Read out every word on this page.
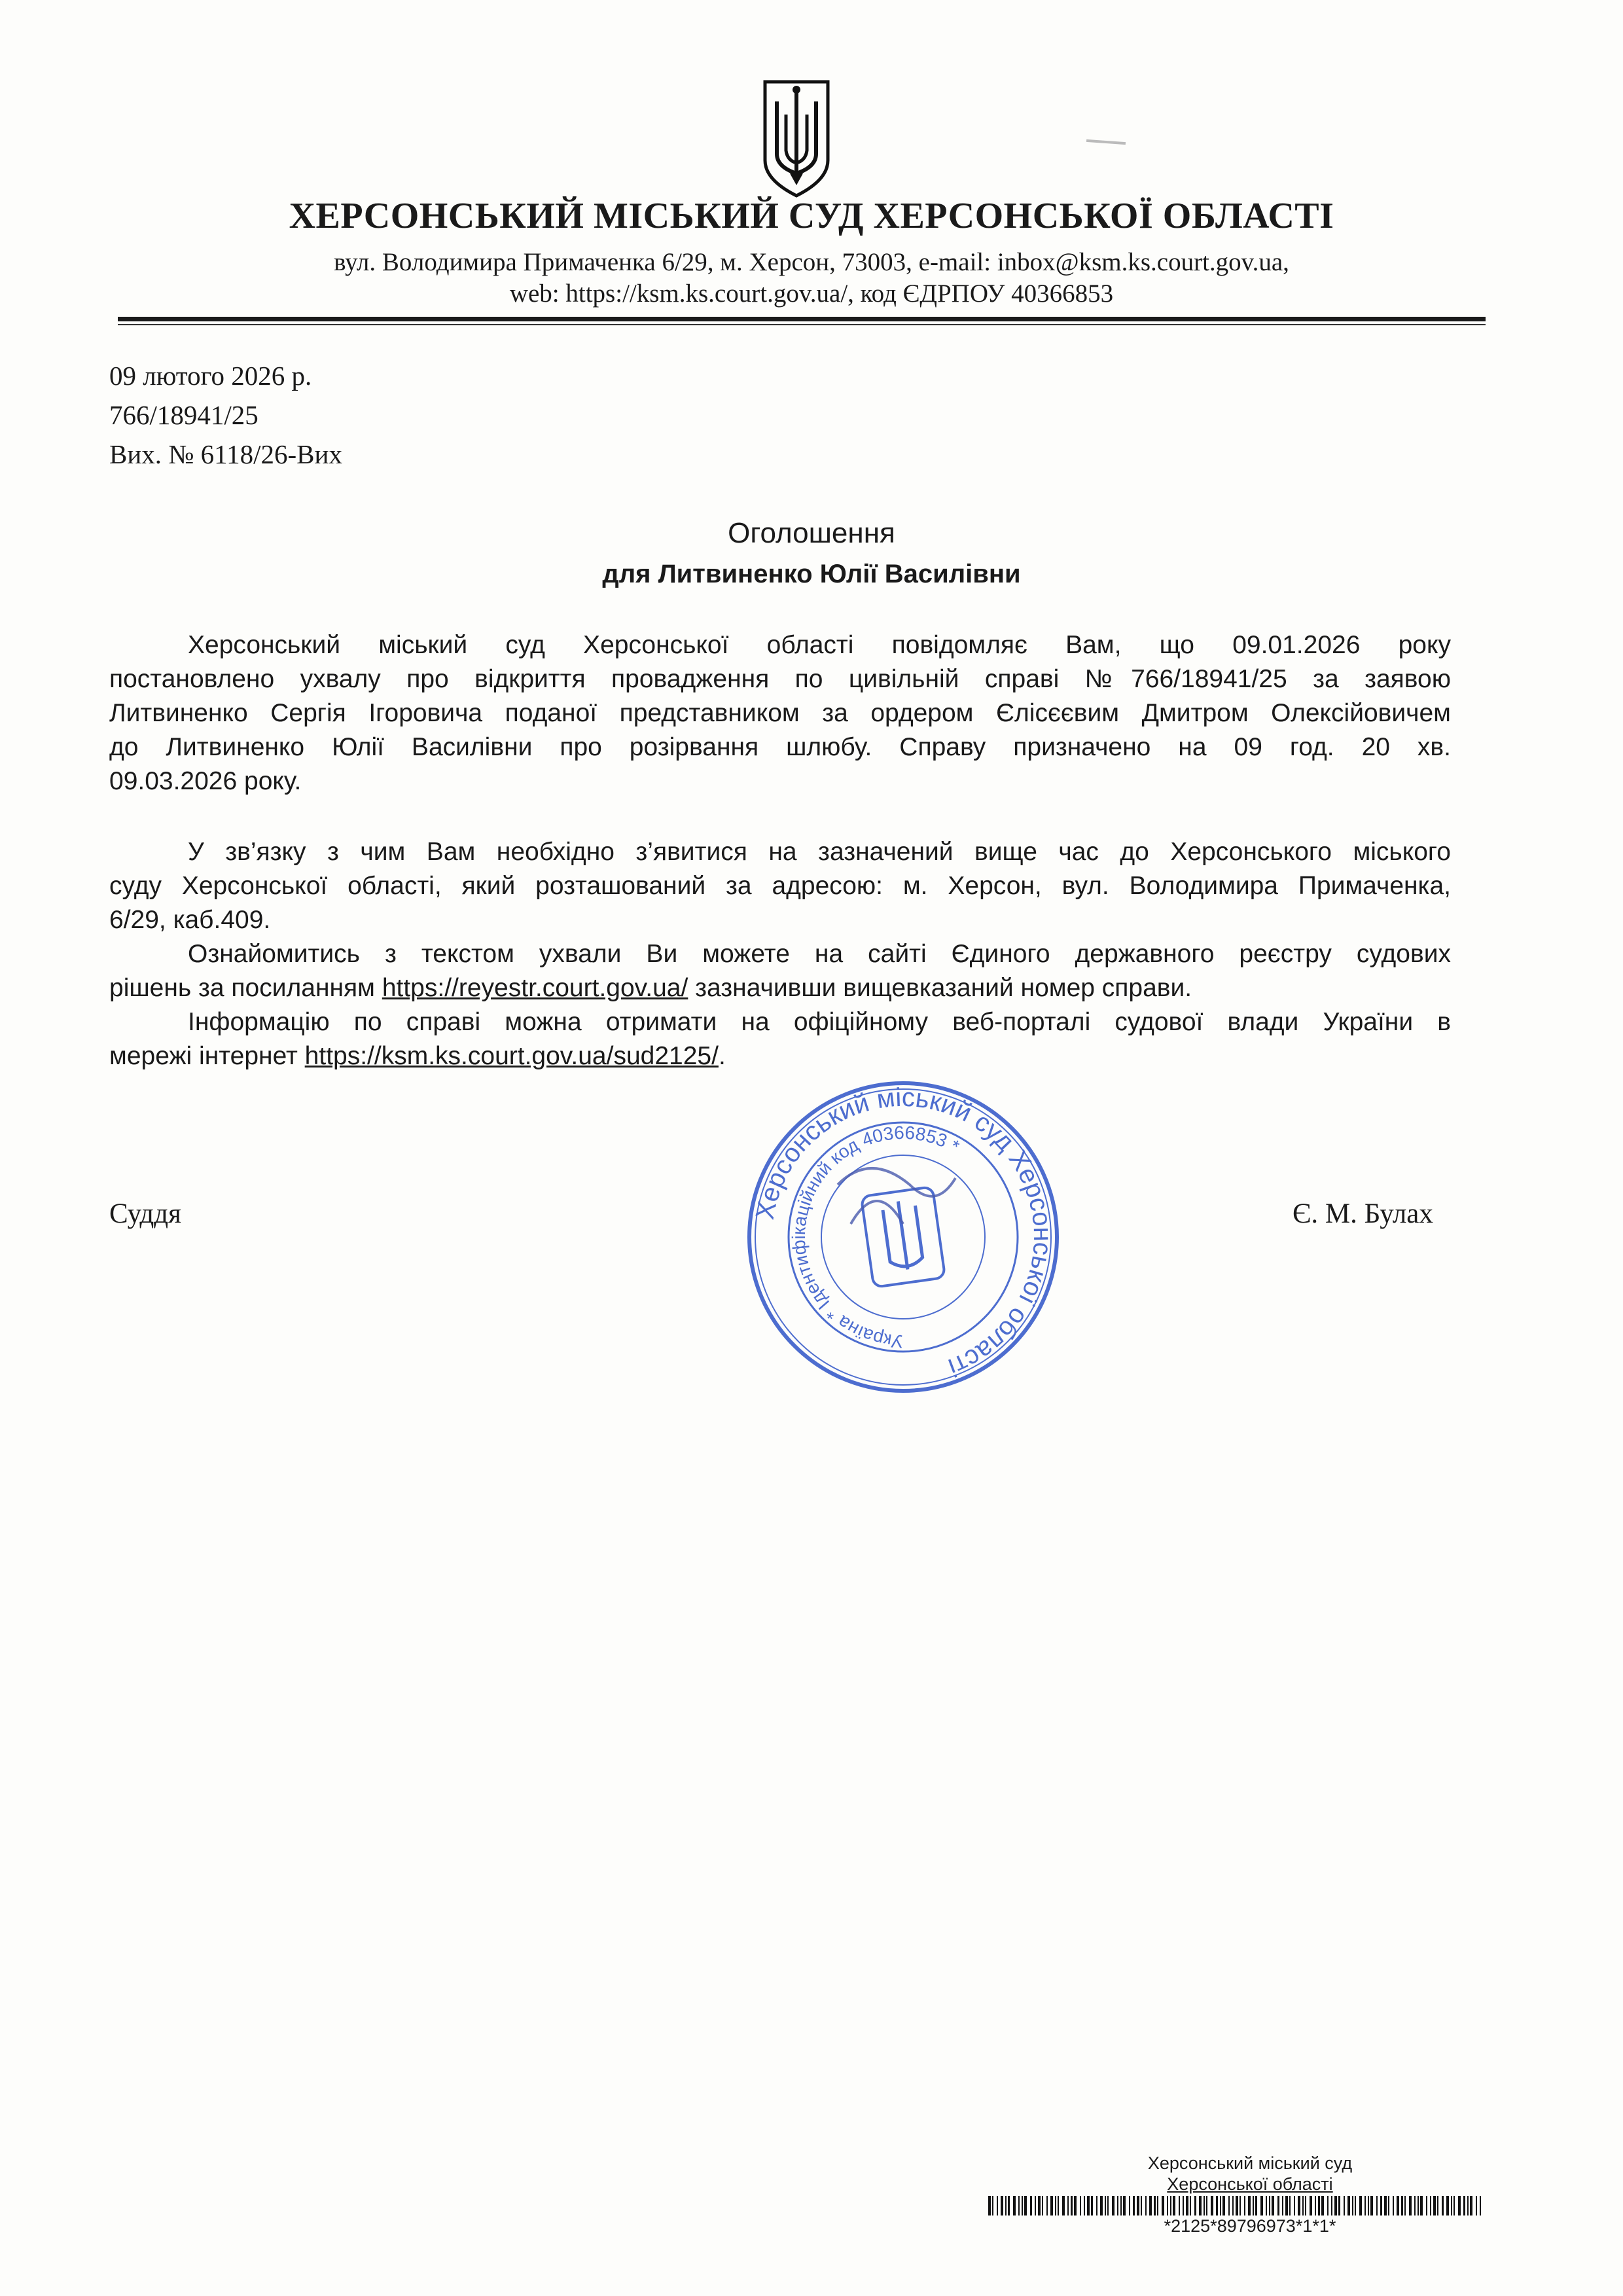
ХЕРСОНСЬКИЙ МІСЬКИЙ СУД ХЕРСОНСЬКОЇ ОБЛАСТІ
вул. Володимира Примаченка 6/29, м. Херсон, 73003, e-mail: inbox@ksm.ks.court.gov.ua,
web: https://ksm.ks.court.gov.ua/, код ЄДРПОУ 40366853
09 лютого 2026 р.
766/18941/25
Вих. № 6118/26-Вих
Оголошення
для Литвиненко Юлії Василівни
Херсонський міський суд Херсонської області повідомляє Вам, що 09.01.2026 року
постановлено ухвалу про відкриття провадження по цивільній справі №766/18941/25 за заявою
Литвиненко Сергія Ігоровича поданої представником за ордером Єлісєєвим Дмитром Олексійовичем
до Литвиненко Юлії Василівни про розірвання шлюбу. Справу призначено на 09 год. 20 хв.
09.03.2026 року.
У зв’язку з чим Вам необхідно з’явитися на зазначений вище час до Херсонського міського
суду Херсонської області, який розташований за адресою: м. Херсон, вул. Володимира Примаченка,
6/29, каб.409.
Ознайомитись з текстом ухвали Ви можете на сайті Єдиного державного реєстру судових
рішень за посиланням https://reyestr.court.gov.ua/ зазначивши вищевказаний номер справи.
Інформацію по справі можна отримати на офіційному веб-порталі судової влади України в
мережі інтернет https://ksm.ks.court.gov.ua/sud2125/.
Суддя	Є. М. Булах
Херсонський міський суд Херсонської області
Україна * Ідентифікаційний код 40366853 *
Херсонський міський суд
Херсонської області
*2125*89796973*1*1*
